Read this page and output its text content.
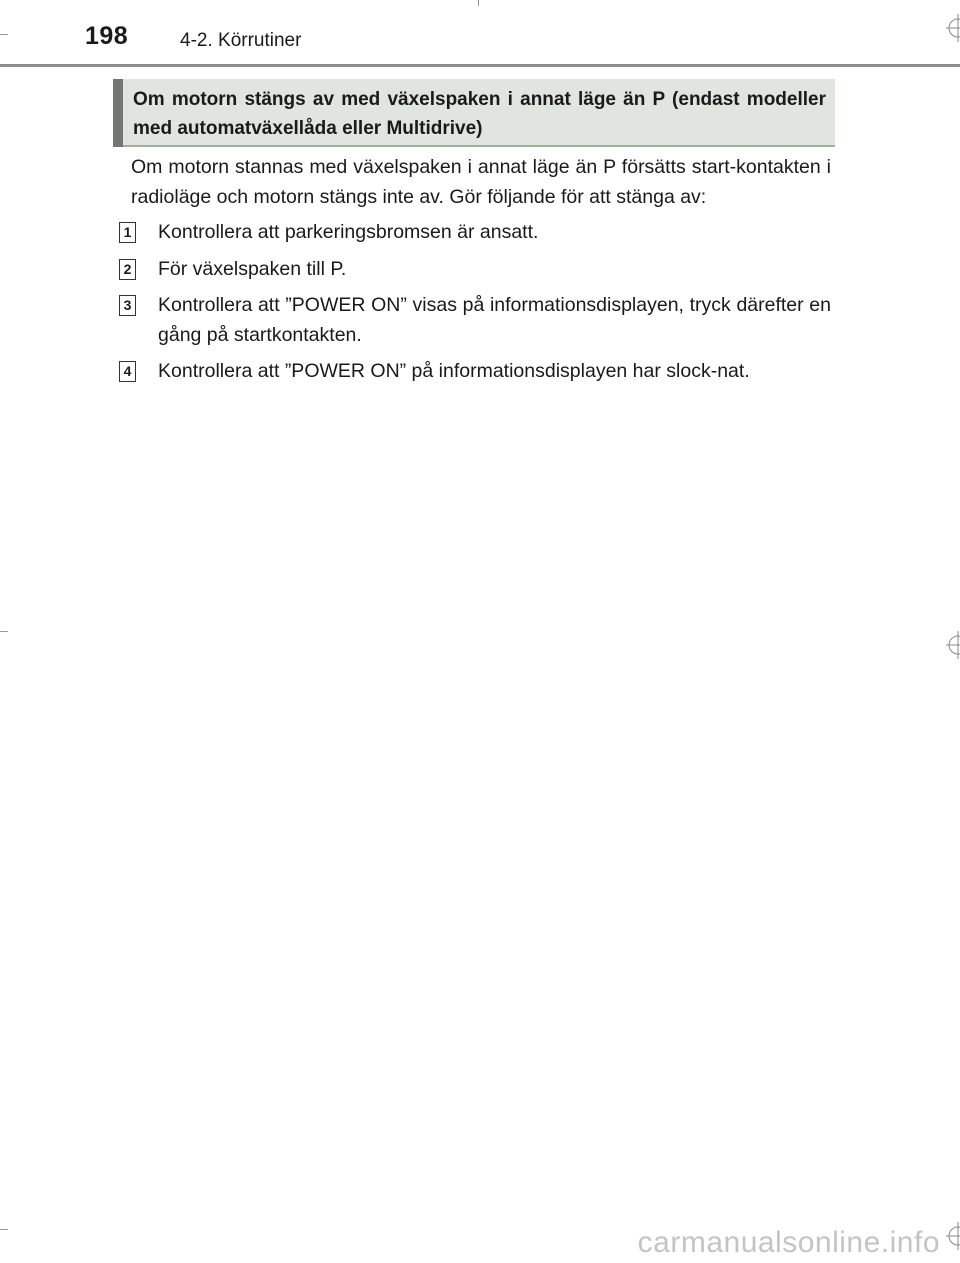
198	4-2. Körrutiner
Om motorn stängs av med växelspaken i annat läge än P (endast modeller med automatväxellåda eller Multidrive)

Om motorn stannas med växelspaken i annat läge än P försätts start-kontakten i radioläge och motorn stängs inte av. Gör följande för att stänga av:

1 Kontrollera att parkeringsbromsen är ansatt.
2 För växelspaken till P.
3 Kontrollera att ”POWER ON” visas på informationsdisplayen, tryck därefter en gång på startkontakten.
4 Kontrollera att ”POWER ON” på informationsdisplayen har slock-nat.
carmanualsonline.info
